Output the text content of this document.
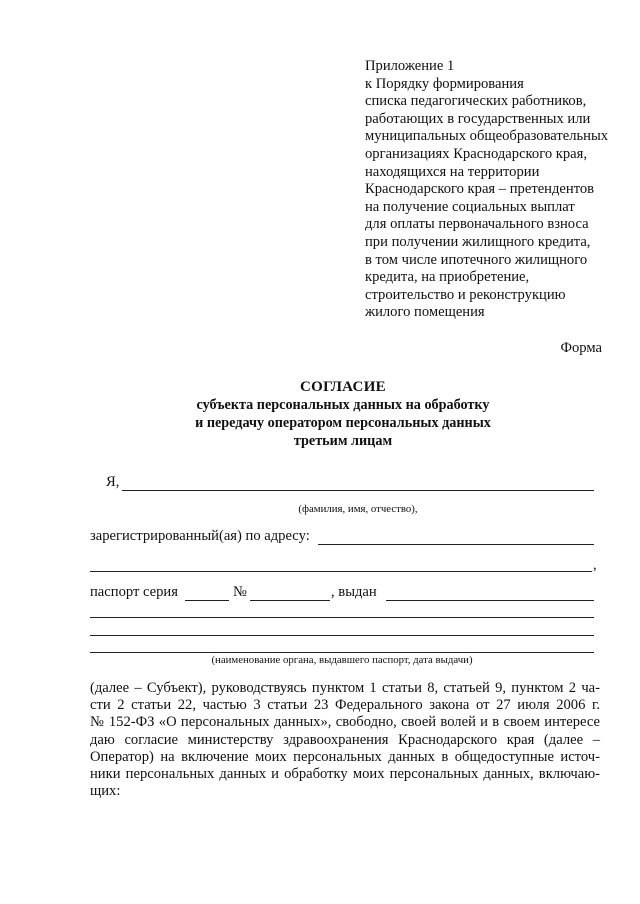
Приложение 1
к Порядку формирования
списка педагогических работников,
работающих в государственных или
муниципальных общеобразовательных
организациях Краснодарского края,
находящихся на территории
Краснодарского края – претендентов
на получение социальных выплат
для оплаты первоначального взноса
при получении жилищного кредита,
в том числе ипотечного жилищного
кредита, на приобретение,
строительство и реконструкцию
жилого помещения
Форма
СОГЛАСИЕ
субъекта персональных данных на обработку
и передачу оператором персональных данных
третьим лицам
Я,
(фамилия, имя, отчество),
зарегистрированный(ая) по адресу:
,
паспорт серия	№	, выдан
(наименование органа, выдавшего паспорт, дата выдачи)
(далее – Субъект), руководствуясь пунктом 1 статьи 8, статьей 9, пунктом 2 ча-
сти 2 статьи 22, частью 3 статьи 23 Федерального закона от 27 июля 2006 г.
№ 152-ФЗ «О персональных данных», свободно, своей волей и в своем интересе
даю согласие министерству здравоохранения Краснодарского края (далее –
Оператор) на включение моих персональных данных в общедоступные источ-
ники персональных данных и обработку моих персональных данных, включаю-
щих:
